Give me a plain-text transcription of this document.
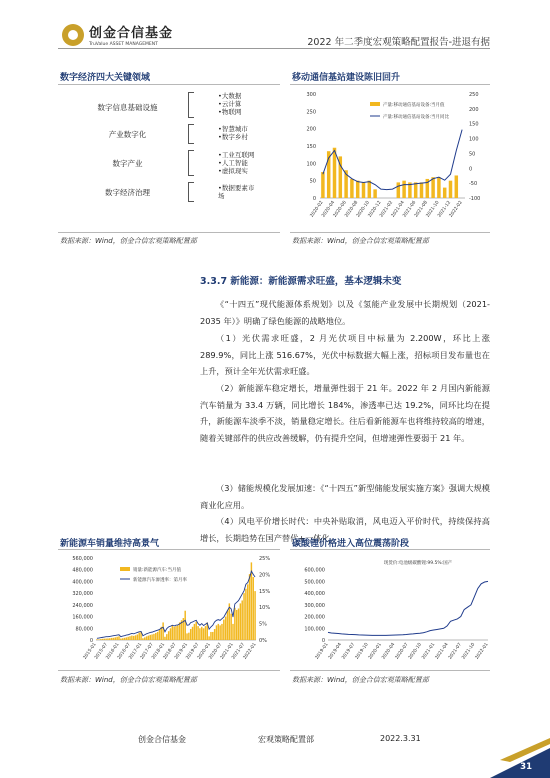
创金合信基金
TruValue ASSET MANAGEMENT	2022 年二季度宏观策略配置报告-进退有据
数字经济四大关键领域
数字信息基础设施
•大数据
•云计算
•物联网
产业数字化
•智慧城市
•数字乡村
数字产业
•工业互联网
•人工智能
•虚拟现实
数字经济治理	•数据要素市
场
数据来源：Wind，创金合信宏观策略配置部
移动通信基站建设陈旧回升
0
50
100
150
200
250
300
-100
-50
0
50
100
150
200
250
2020-02
2020-04
2020-06
2020-08
2020-10
2020-12
2021-02
2021-04
2021-06
2021-08
2021-10
2021-12
2022-02
产量:移动通信基站设备:当月值
产量:移动通信基站设备:当月同比
数据来源：Wind，创金合信宏观策略配置部
3.3.7 新能源：新能源需求旺盛，基本逻辑未变
《“十四五”现代能源体系规划》以及《氢能产业发展中长期规划（2021-2035 年）》明确了绿色能源的战略地位。
（1）光伏需求旺盛，2 月光伏项目中标量为 2.200W，环比上涨 289.9%，同比上涨 516.67%，光伏中标数据大幅上涨，招标项目发布量也在上升，预计全年光伏需求旺盛。
（2）新能源车稳定增长，增量弹性弱于 21 年。2022 年 2 月国内新能源汽车销量为 33.4 万辆，同比增长 184%，渗透率已达 19.2%，同环比均在提升，新能源车淡季不淡，销量稳定增长。往后看新能源车也将维持较高的增速，随着关键部件的供应改善缓解，仍有提升空间，但增速弹性要弱于 21 年。
（3）储能规模化发展加速：《“十四五”新型储能发展实施方案》强调大规模商业化应用。
（4）风电平价增长时代：中央补贴取消，风电迈入平价时代，持续保持高增长，长期趋势在国产替代+一体化。
新能源车销量维持高景气
0
80,000
160,000
240,000
320,000
400,000
480,000
560,000
0%
5%
10%
15%
20%
25%
2015-01
2015-07
2016-01
2016-07
2017-01
2017-07
2018-01
2018-07
2019-01
2019-07
2020-01
2020-07
2021-01
2021-07
2022-01
销量:新能源汽车:当月值
新能源汽车渗透率：第月率
数据来源：Wind，创金合信宏观策略配置部
碳酸锂价格进入高位震荡阶段
0
100,000
200,000
300,000
400,000
500,000
600,000
2019-01
2019-04
2019-07
2019-10
2020-01
2020-04
2020-07
2020-10
2021-01
2021-04
2021-07
2021-10
2022-01
现货价:电池级碳酸锂:99.5%:国产
数据来源：Wind，创金合信宏观策略配置部
创金合信基金	宏观策略配置部	2022.3.31
31
